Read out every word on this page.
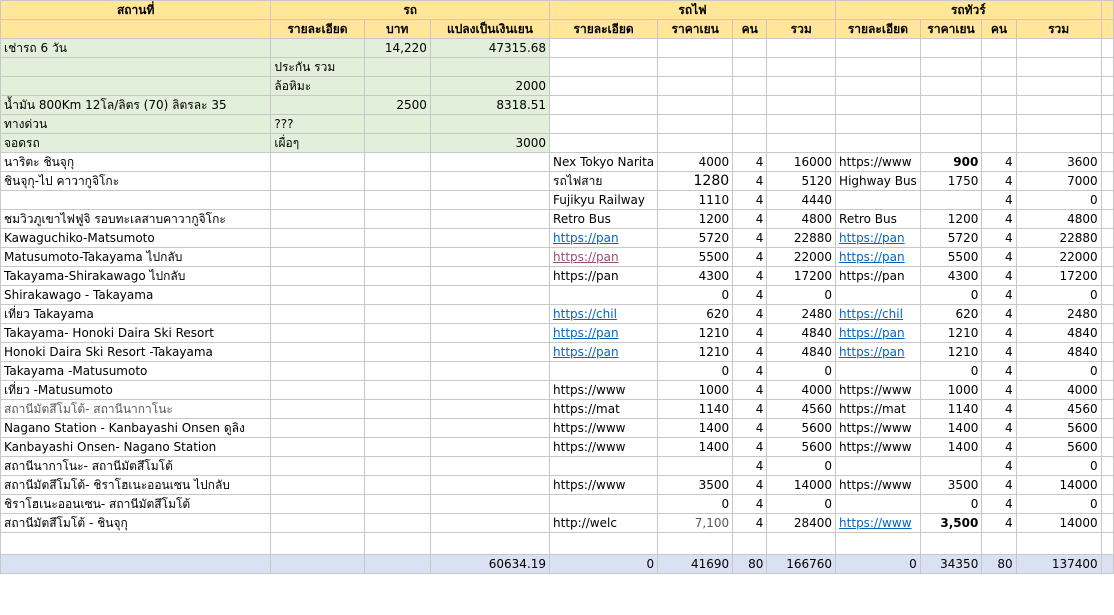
สถานที่	รถ			รถไฟ				รถทัวร์				
	รายละเอียด	บาท	แปลงเป็นเงินเยน	รายละเอียด	ราคาเยน	คน	รวม	รายละเอียด	ราคาเยน	คน	รวม	
เช่ารถ 6 วัน		14,220	47315.68									
	ประกัน รวม											
	ล้อหิมะ		2000									
น้ำมัน 800Km 12โล/ลิตร (70) ลิตรละ 35		2500	8318.51									
ทางด่วน	???											
จอดรถ	เผื่อๆ		3000									
นาริตะ ชินจุกุ				Nex Tokyo Narita	4000	4	16000	https://www	900	4	3600	
ชินจุกุ-ไป คาวากูจิโกะ				รถไฟสาย	1280	4	5120	Highway Bus	1750	4	7000	
				Fujikyu Railway	1110	4	4440			4	0	
ชมวิวภูเขาไฟฟูจิ รอบทะเลสาบคาวากูจิโกะ				Retro Bus	1200	4	4800	Retro Bus	1200	4	4800	
Kawaguchiko-Matsumoto				https://pan	5720	4	22880	https://pan	5720	4	22880	
Matusumoto-Takayama ไปกลับ				https://pan	5500	4	22000	https://pan	5500	4	22000	
Takayama-Shirakawago ไปกลับ				https://pan	4300	4	17200	https://pan	4300	4	17200	
Shirakawago - Takayama					0	4	0		0	4	0	
เที่ยว Takayama				https://chil	620	4	2480	https://chil	620	4	2480	
Takayama- Honoki Daira Ski Resort				https://pan	1210	4	4840	https://pan	1210	4	4840	
Honoki Daira Ski Resort -Takayama				https://pan	1210	4	4840	https://pan	1210	4	4840	
Takayama -Matusumoto					0	4	0		0	4	0	
เที่ยว -Matusumoto				https://www	1000	4	4000	https://www	1000	4	4000	
สถานีมัตสึโมโต้- สถานีนากาโนะ				https://mat	1140	4	4560	https://mat	1140	4	4560	
Nagano Station - Kanbayashi Onsen ดูลิง				https://www	1400	4	5600	https://www	1400	4	5600	
Kanbayashi Onsen- Nagano Station				https://www	1400	4	5600	https://www	1400	4	5600	
สถานีนากาโนะ- สถานีมัตสึโมโต้						4	0			4	0	
สถานีมัตสึโมโต้- ชิราโฮเนะออนเซน ไปกลับ				https://www	3500	4	14000	https://www	3500	4	14000	
ชิราโฮเนะออนเซน- สถานีมัตสึโมโต้					0	4	0		0	4	0	
สถานีมัตสึโมโต้ - ชินจุกุ				http://welc	7,100	4	28400	https://www	3,500	4	14000	

			60634.19	0	41690	80	166760	0	34350	80	137400	
